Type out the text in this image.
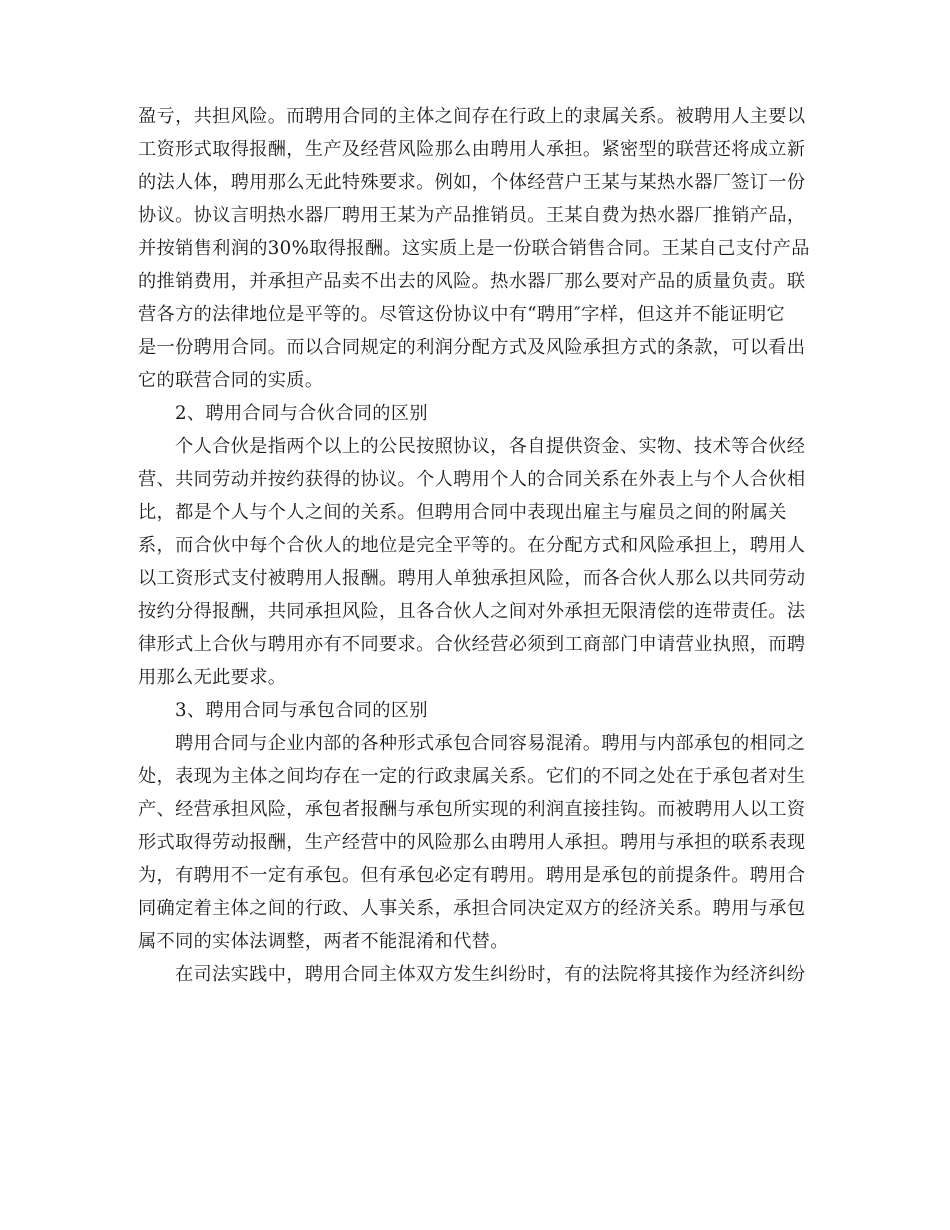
盈亏，共担风险。而聘用合同的主体之间存在行政上的隶属关系。被聘用人主要以
工资形式取得报酬，生产及经营风险那么由聘用人承担。紧密型的联营还将成立新
的法人体，聘用那么无此特殊要求。例如，个体经营户王某与某热水器厂签订一份
协议。协议言明热水器厂聘用王某为产品推销员。王某自费为热水器厂推销产品，
并按销售利润的30%取得报酬。这实质上是一份联合销售合同。王某自己支付产品
的推销费用，并承担产品卖不出去的风险。热水器厂那么要对产品的质量负责。联
营各方的法律地位是平等的。尽管这份协议中有“聘用″字样，但这并不能证明它
是一份聘用合同。而以合同规定的利润分配方式及风险承担方式的条款，可以看出
它的联营合同的实质。

2、聘用合同与合伙合同的区别

个人合伙是指两个以上的公民按照协议，各自提供资金、实物、技术等合伙经
营、共同劳动并按约获得的协议。个人聘用个人的合同关系在外表上与个人合伙相
比，都是个人与个人之间的关系。但聘用合同中表现出雇主与雇员之间的附属关
系，而合伙中每个合伙人的地位是完全平等的。在分配方式和风险承担上，聘用人
以工资形式支付被聘用人报酬。聘用人单独承担风险，而各合伙人那么以共同劳动
按约分得报酬，共同承担风险，且各合伙人之间对外承担无限清偿的连带责任。法
律形式上合伙与聘用亦有不同要求。合伙经营必须到工商部门申请营业执照，而聘
用那么无此要求。

3、聘用合同与承包合同的区别

聘用合同与企业内部的各种形式承包合同容易混淆。聘用与内部承包的相同之
处，表现为主体之间均存在一定的行政隶属关系。它们的不同之处在于承包者对生
产、经营承担风险，承包者报酬与承包所实现的利润直接挂钩。而被聘用人以工资
形式取得劳动报酬，生产经营中的风险那么由聘用人承担。聘用与承担的联系表现
为，有聘用不一定有承包。但有承包必定有聘用。聘用是承包的前提条件。聘用合
同确定着主体之间的行政、人事关系，承担合同决定双方的经济关系。聘用与承包
属不同的实体法调整，两者不能混淆和代替。
在司法实践中，聘用合同主体双方发生纠纷时，有的法院将其接作为经济纠纷
